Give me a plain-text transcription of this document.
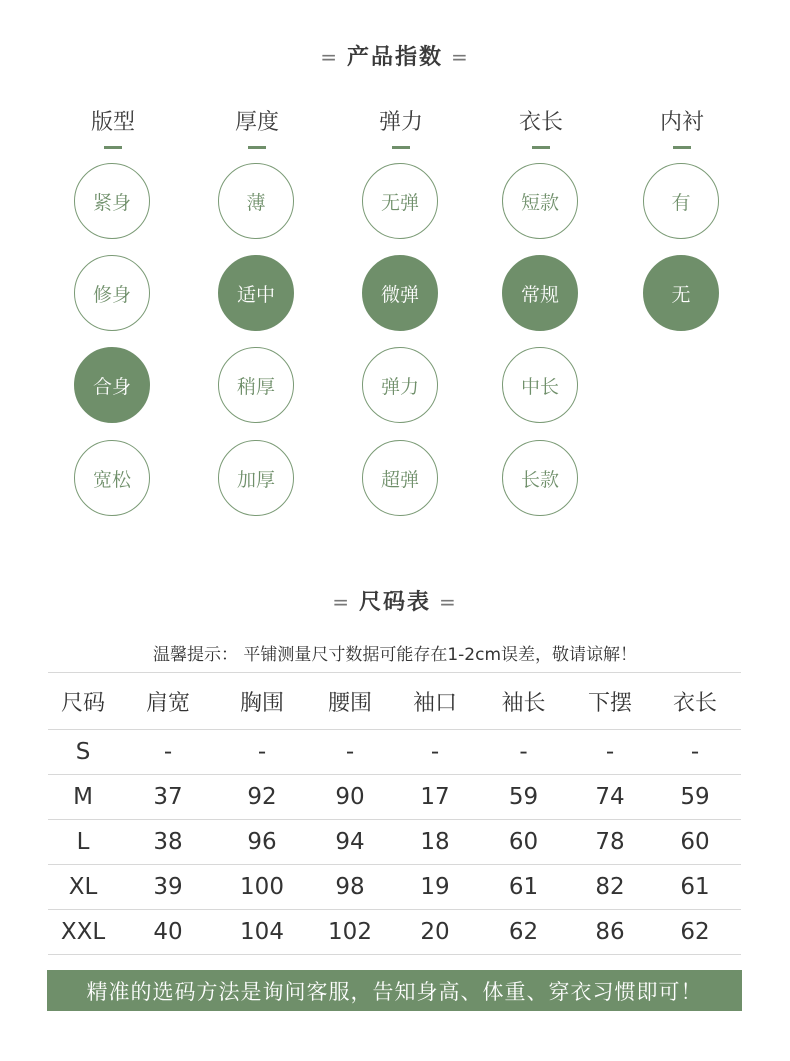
= 产品指数 =
版型
紧身
修身
合身
宽松
厚度
薄
适中
稍厚
加厚
弹力
无弹
微弹
弹力
超弹
衣长
短款
常规
中长
长款
内衬
有
无
= 尺码表 =
温馨提示： 平铺测量尺寸数据可能存在1-2cm误差，敬请谅解！
尺码	肩宽	胸围	腰围	袖口	袖长	下摆	衣长
S	-	-	-	-	-	-	-
M	37	92	90	17	59	74	59
L	38	96	94	18	60	78	60
XL	39	100	98	19	61	82	61
XXL	40	104	102	20	62	86	62
精准的选码方法是询问客服，告知身高、体重、穿衣习惯即可！
